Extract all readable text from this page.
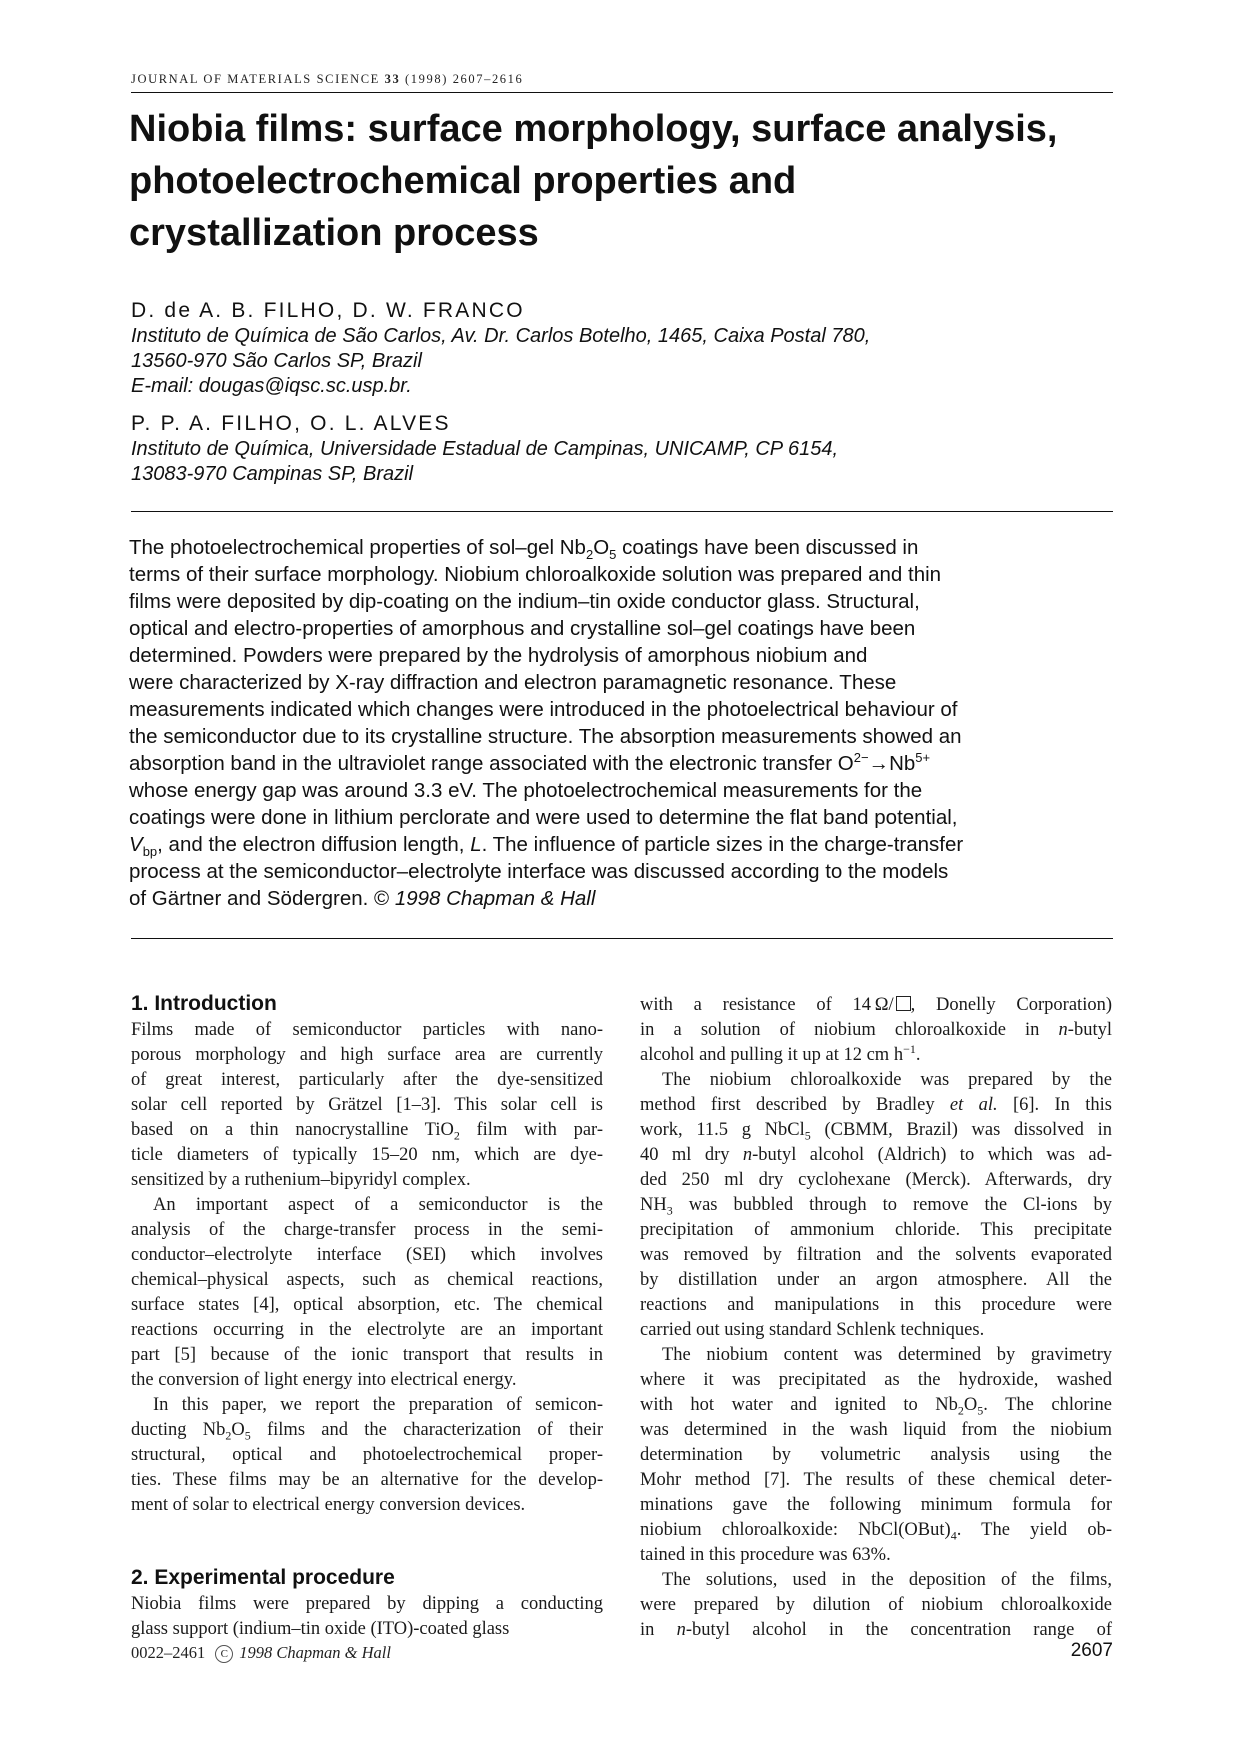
JOURNAL OF MATERIALS SCIENCE 33 (1998) 2607–2616
Niobia films: surface morphology, surface analysis,
photoelectrochemical properties and
crystallization process
D. de A. B. FILHO, D. W. FRANCO
Instituto de Química de São Carlos, Av. Dr. Carlos Botelho, 1465, Caixa Postal 780,
13560-970 São Carlos SP, Brazil
E-mail: dougas@iqsc.sc.usp.br.
P. P. A. FILHO, O. L. ALVES
Instituto de Química, Universidade Estadual de Campinas, UNICAMP, CP 6154,
13083-970 Campinas SP, Brazil
The photoelectrochemical properties of sol–gel $Nb_2O_5$ coatings have been discussed in
terms of their surface morphology. Niobium chloroalkoxide solution was prepared and thin
films were deposited by dip-coating on the indium–tin oxide conductor glass. Structural,
optical and electro-properties of amorphous and crystalline sol–gel coatings have been
determined. Powders were prepared by the hydrolysis of amorphous niobium and
were characterized by X-ray diffraction and electron paramagnetic resonance. These
measurements indicated which changes were introduced in the photoelectrical behaviour of
the semiconductor due to its crystalline structure. The absorption measurements showed an
absorption band in the ultraviolet range associated with the electronic transfer $O^{2-}\to Nb^{5+}$
whose energy gap was around 3.3 eV. The photoelectrochemical measurements for the
coatings were done in lithium perclorate and were used to determine the flat band potential,
$V_{bp}$, and the electron diffusion length, L. The influence of particle sizes in the charge-transfer
process at the semiconductor–electrolyte interface was discussed according to the models
of Gärtner and Södergren. © 1998 Chapman & Hall
1. Introduction
Films made of semiconductor particles with nano-
porous morphology and high surface area are currently
of great interest, particularly after the dye-sensitized
solar cell reported by Grätzel [1–3]. This solar cell is
based on a thin nanocrystalline TiO$_2$ film with par-
ticle diameters of typically 15–20 nm, which are dye-
sensitized by a ruthenium–bipyridyl complex.
An important aspect of a semiconductor is the
analysis of the charge-transfer process in the semi-
conductor–electrolyte interface (SEI) which involves
chemical–physical aspects, such as chemical reactions,
surface states [4], optical absorption, etc. The chemical
reactions occurring in the electrolyte are an important
part [5] because of the ionic transport that results in
the conversion of light energy into electrical energy.
In this paper, we report the preparation of semicon-
ducting $Nb_2O_5$ films and the characterization of their
structural, optical and photoelectrochemical proper-
ties. These films may be an alternative for the develop-
ment of solar to electrical energy conversion devices.
2. Experimental procedure
Niobia films were prepared by dipping a conducting
glass support (indium–tin oxide (ITO)-coated glass
with a resistance of 14 Ω/ , Donelly Corporation)
in a solution of niobium chloroalkoxide in n-butyl
alcohol and pulling it up at 12 cm $h^{-1}$.
The niobium chloroalkoxide was prepared by the
method first described by Bradley et al. [6]. In this
work, 11.5 g NbCl$_5$ (CBMM, Brazil) was dissolved in
40 ml dry n-butyl alcohol (Aldrich) to which was ad-
ded 250 ml dry cyclohexane (Merck). Afterwards, dry
$NH_3$ was bubbled through to remove the Cl-ions by
precipitation of ammonium chloride. This precipitate
was removed by filtration and the solvents evaporated
by distillation under an argon atmosphere. All the
reactions and manipulations in this procedure were
carried out using standard Schlenk techniques.
The niobium content was determined by gravimetry
where it was precipitated as the hydroxide, washed
with hot water and ignited to $Nb_2O_5$. The chlorine
was determined in the wash liquid from the niobium
determination by volumetric analysis using the
Mohr method [7]. The results of these chemical deter-
minations gave the following minimum formula for
niobium chloroalkoxide: $NbCl(OBut)_4$. The yield ob-
tained in this procedure was 63%.
The solutions, used in the deposition of the films,
were prepared by dilution of niobium chloroalkoxide
in n-butyl alcohol in the concentration range of
0022–2461 C 1998 Chapman & Hall	2607
